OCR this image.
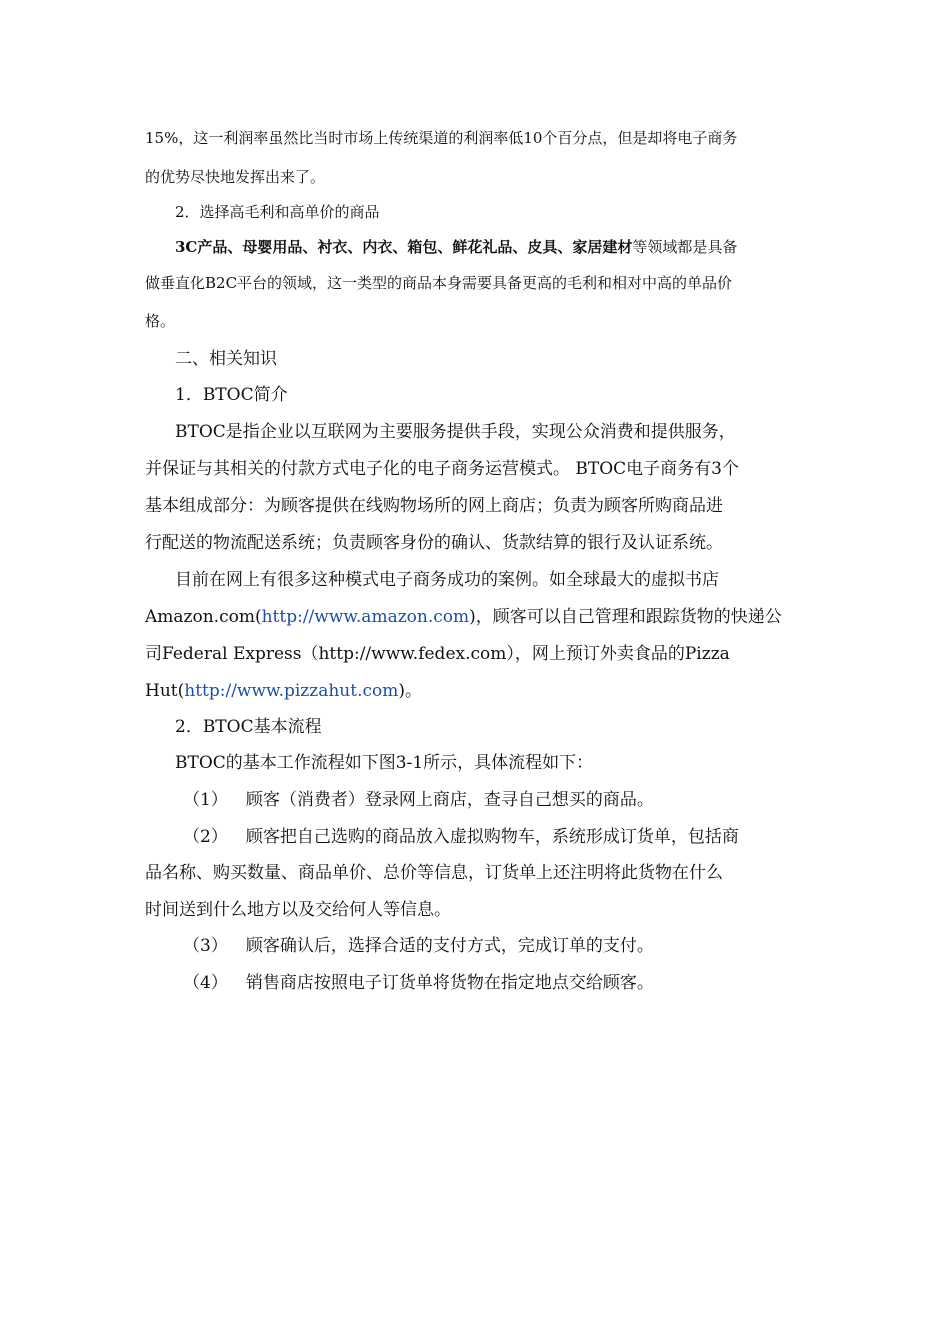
15%，这一利润率虽然比当时市场上传统渠道的利润率低10个百分点，但是却将电子商务
的优势尽快地发挥出来了。
2．选择高毛利和高单价的商品
3C产品、母婴用品、衬衣、内衣、箱包、鲜花礼品、皮具、家居建材等领域都是具备
做垂直化B2C平台的领域，这一类型的商品本身需要具备更高的毛利和相对中高的单品价
格。
二、相关知识
1．BTOC简介
BTOC是指企业以互联网为主要服务提供手段，实现公众消费和提供服务，
并保证与其相关的付款方式电子化的电子商务运营模式。 BTOC电子商务有3个
基本组成部分：为顾客提供在线购物场所的网上商店；负责为顾客所购商品进
行配送的物流配送系统；负责顾客身份的确认、货款结算的银行及认证系统。
目前在网上有很多这种模式电子商务成功的案例。如全球最大的虚拟书店
Amazon.com(http://www.amazon.com)，顾客可以自己管理和跟踪货物的快递公
司Federal Express（http://www.fedex.com），网上预订外卖食品的Pizza
Hut(http://www.pizzahut.com)。
2．BTOC基本流程
BTOC的基本工作流程如下图3-1所示，具体流程如下：
（1） 顾客（消费者）登录网上商店，查寻自己想买的商品。
（2） 顾客把自己选购的商品放入虚拟购物车，系统形成订货单，包括商
品名称、购买数量、商品单价、总价等信息，订货单上还注明将此货物在什么
时间送到什么地方以及交给何人等信息。
（3） 顾客确认后，选择合适的支付方式，完成订单的支付。
（4） 销售商店按照电子订货单将货物在指定地点交给顾客。
